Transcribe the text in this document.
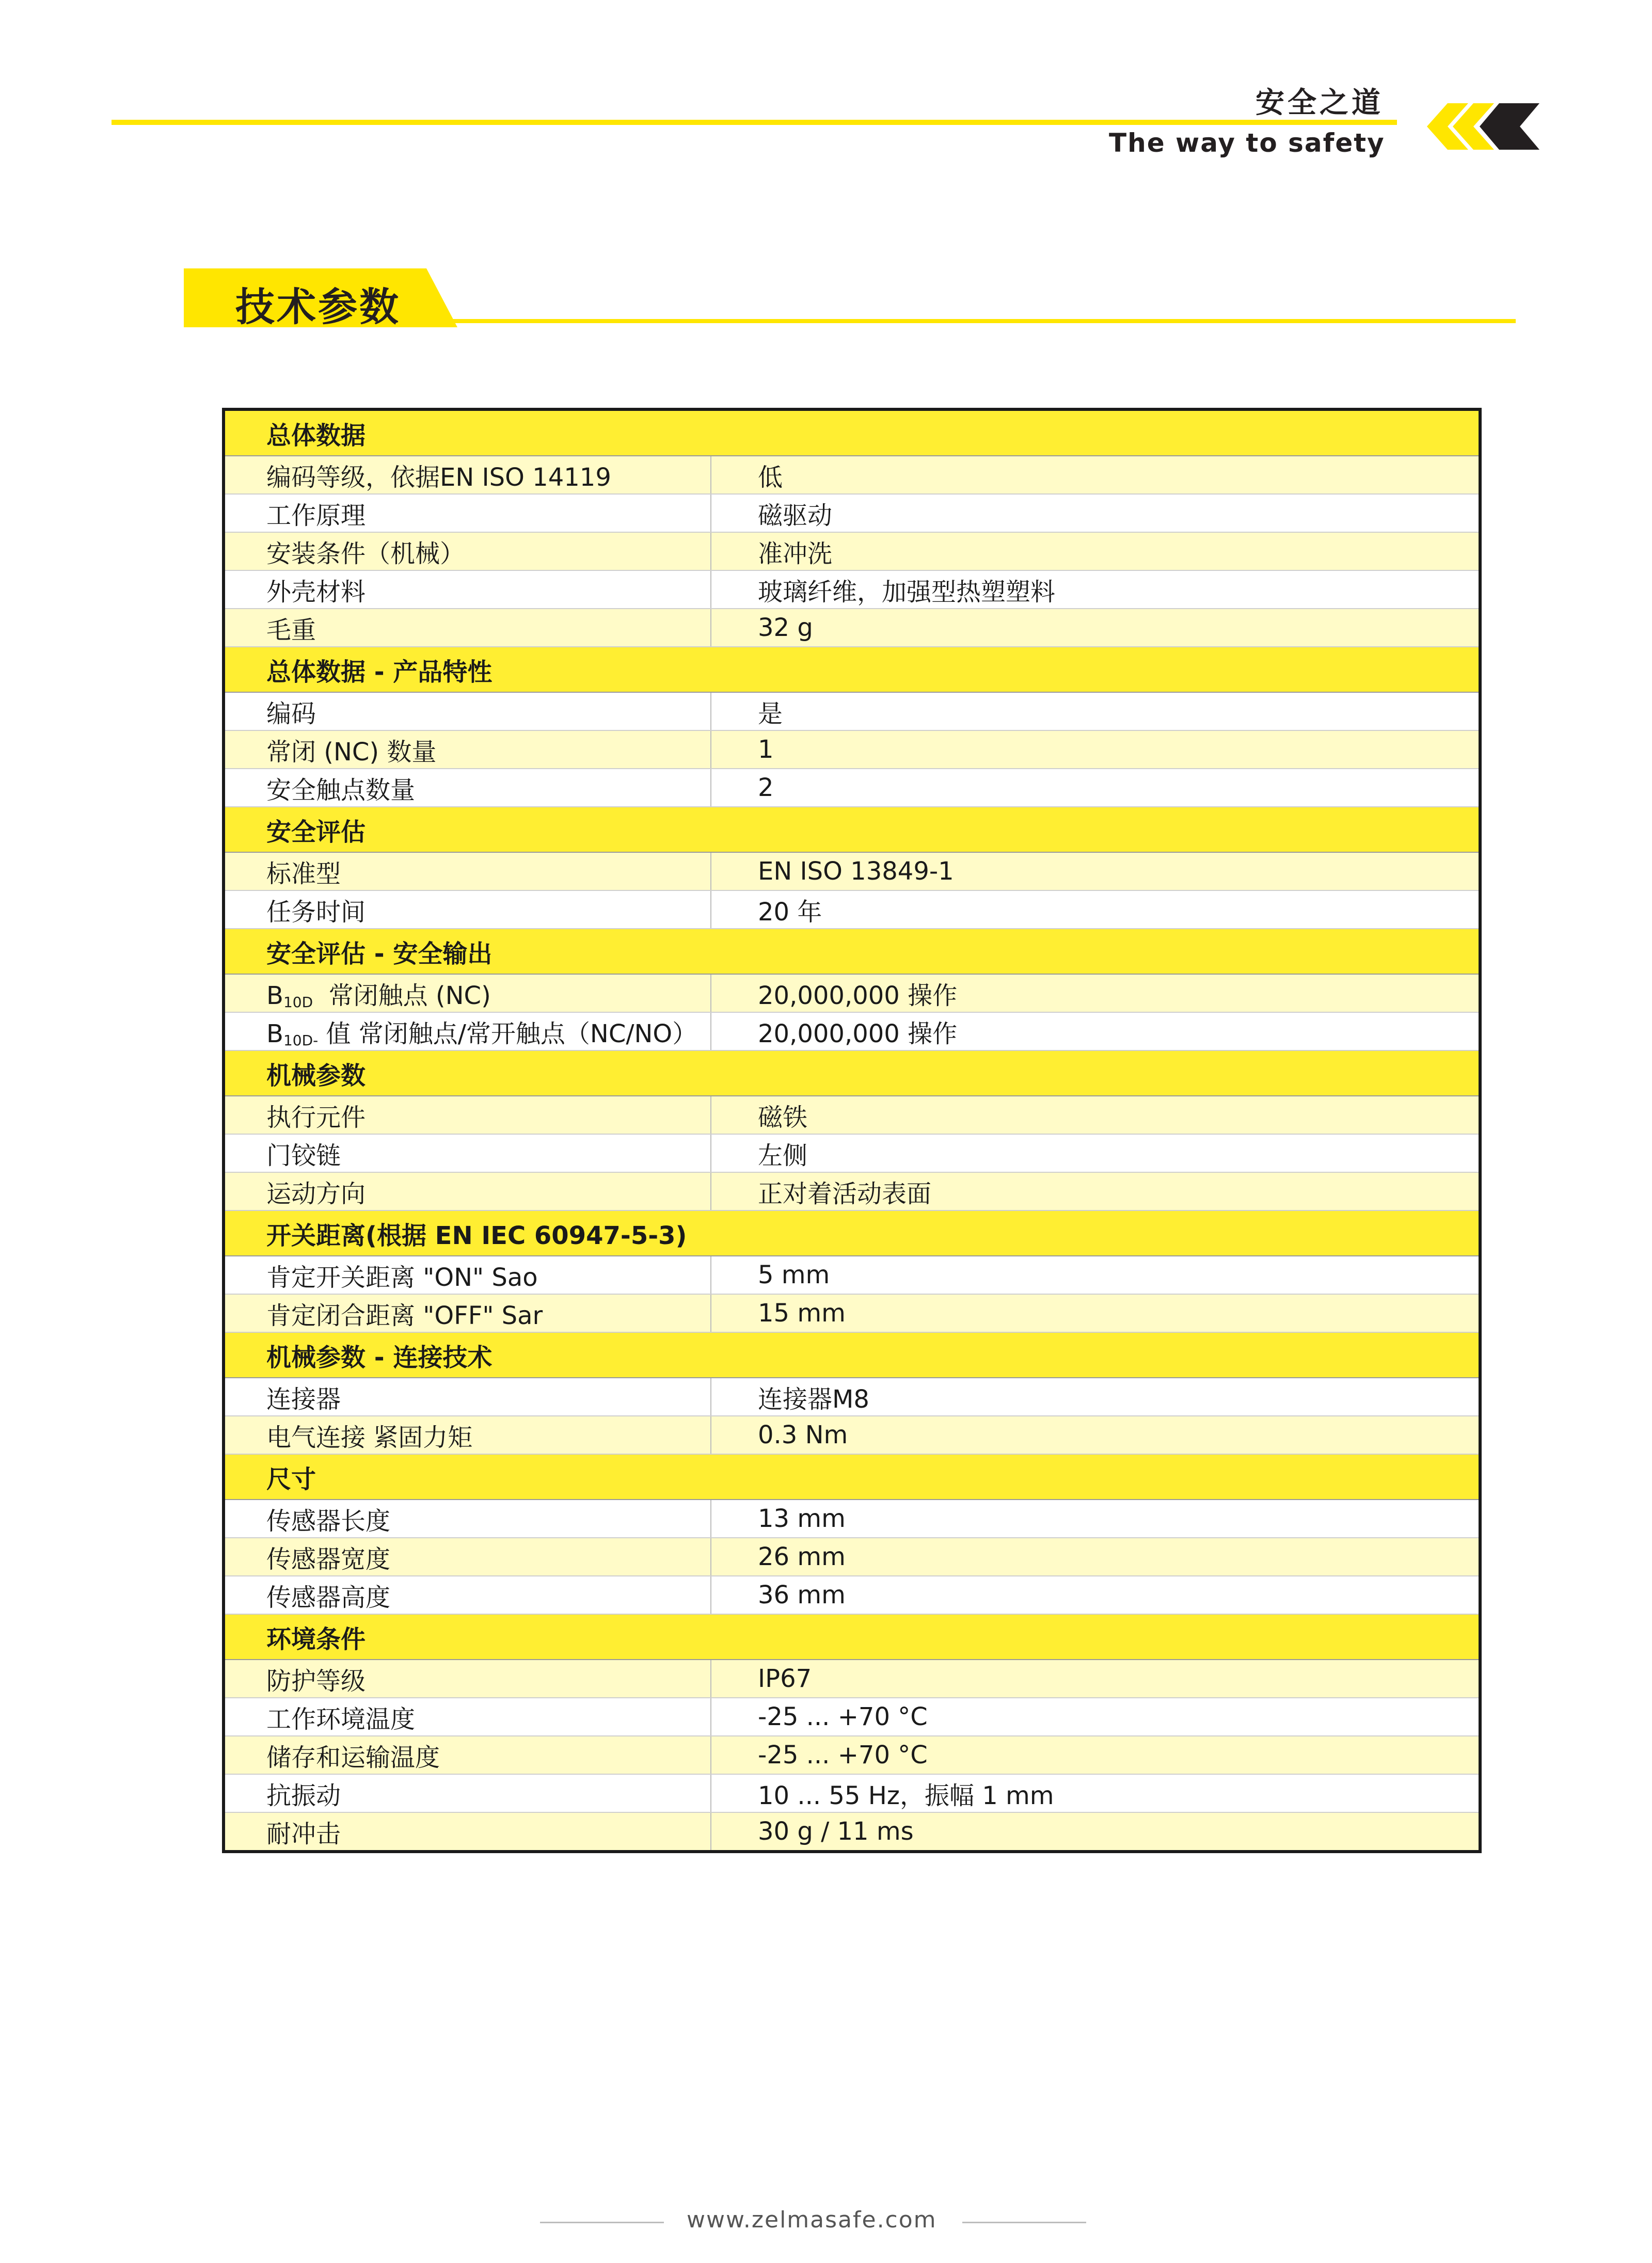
安全之道
The way to safety
技术参数
总体数据	
编码等级，依据EN ISO 14119	低
工作原理	磁驱动
安装条件（机械）	准冲洗
外壳材料	玻璃纤维，加强型热塑塑料
毛重	32 g
总体数据 - 产品特性	
编码	是
常闭 (NC) 数量	1
安全触点数量	2
安全评估	
标准型	EN ISO 13849-1
任务时间	20 年
安全评估 - 安全输出	
B10D  常闭触点 (NC)	20,000,000 操作
B10D- 值 常闭触点/常开触点（NC/NO）	20,000,000 操作
机械参数	
执行元件	磁铁
门铰链	左侧
运动方向	正对着活动表面
开关距离(根据 EN IEC 60947-5-3)	
肯定开关距离 "ON" Sao	5 mm
肯定闭合距离 "OFF" Sar	15 mm
机械参数 - 连接技术	
连接器	连接器M8
电气连接 紧固力矩	0.3 Nm
尺寸	
传感器长度	13 mm
传感器宽度	26 mm
传感器高度	36 mm
环境条件	
防护等级	IP67
工作环境温度	-25 ... +70 °C
储存和运输温度	-25 ... +70 °C
抗振动	10 ... 55 Hz，振幅 1 mm
耐冲击	30 g / 11 ms
www.zelmasafe.com
